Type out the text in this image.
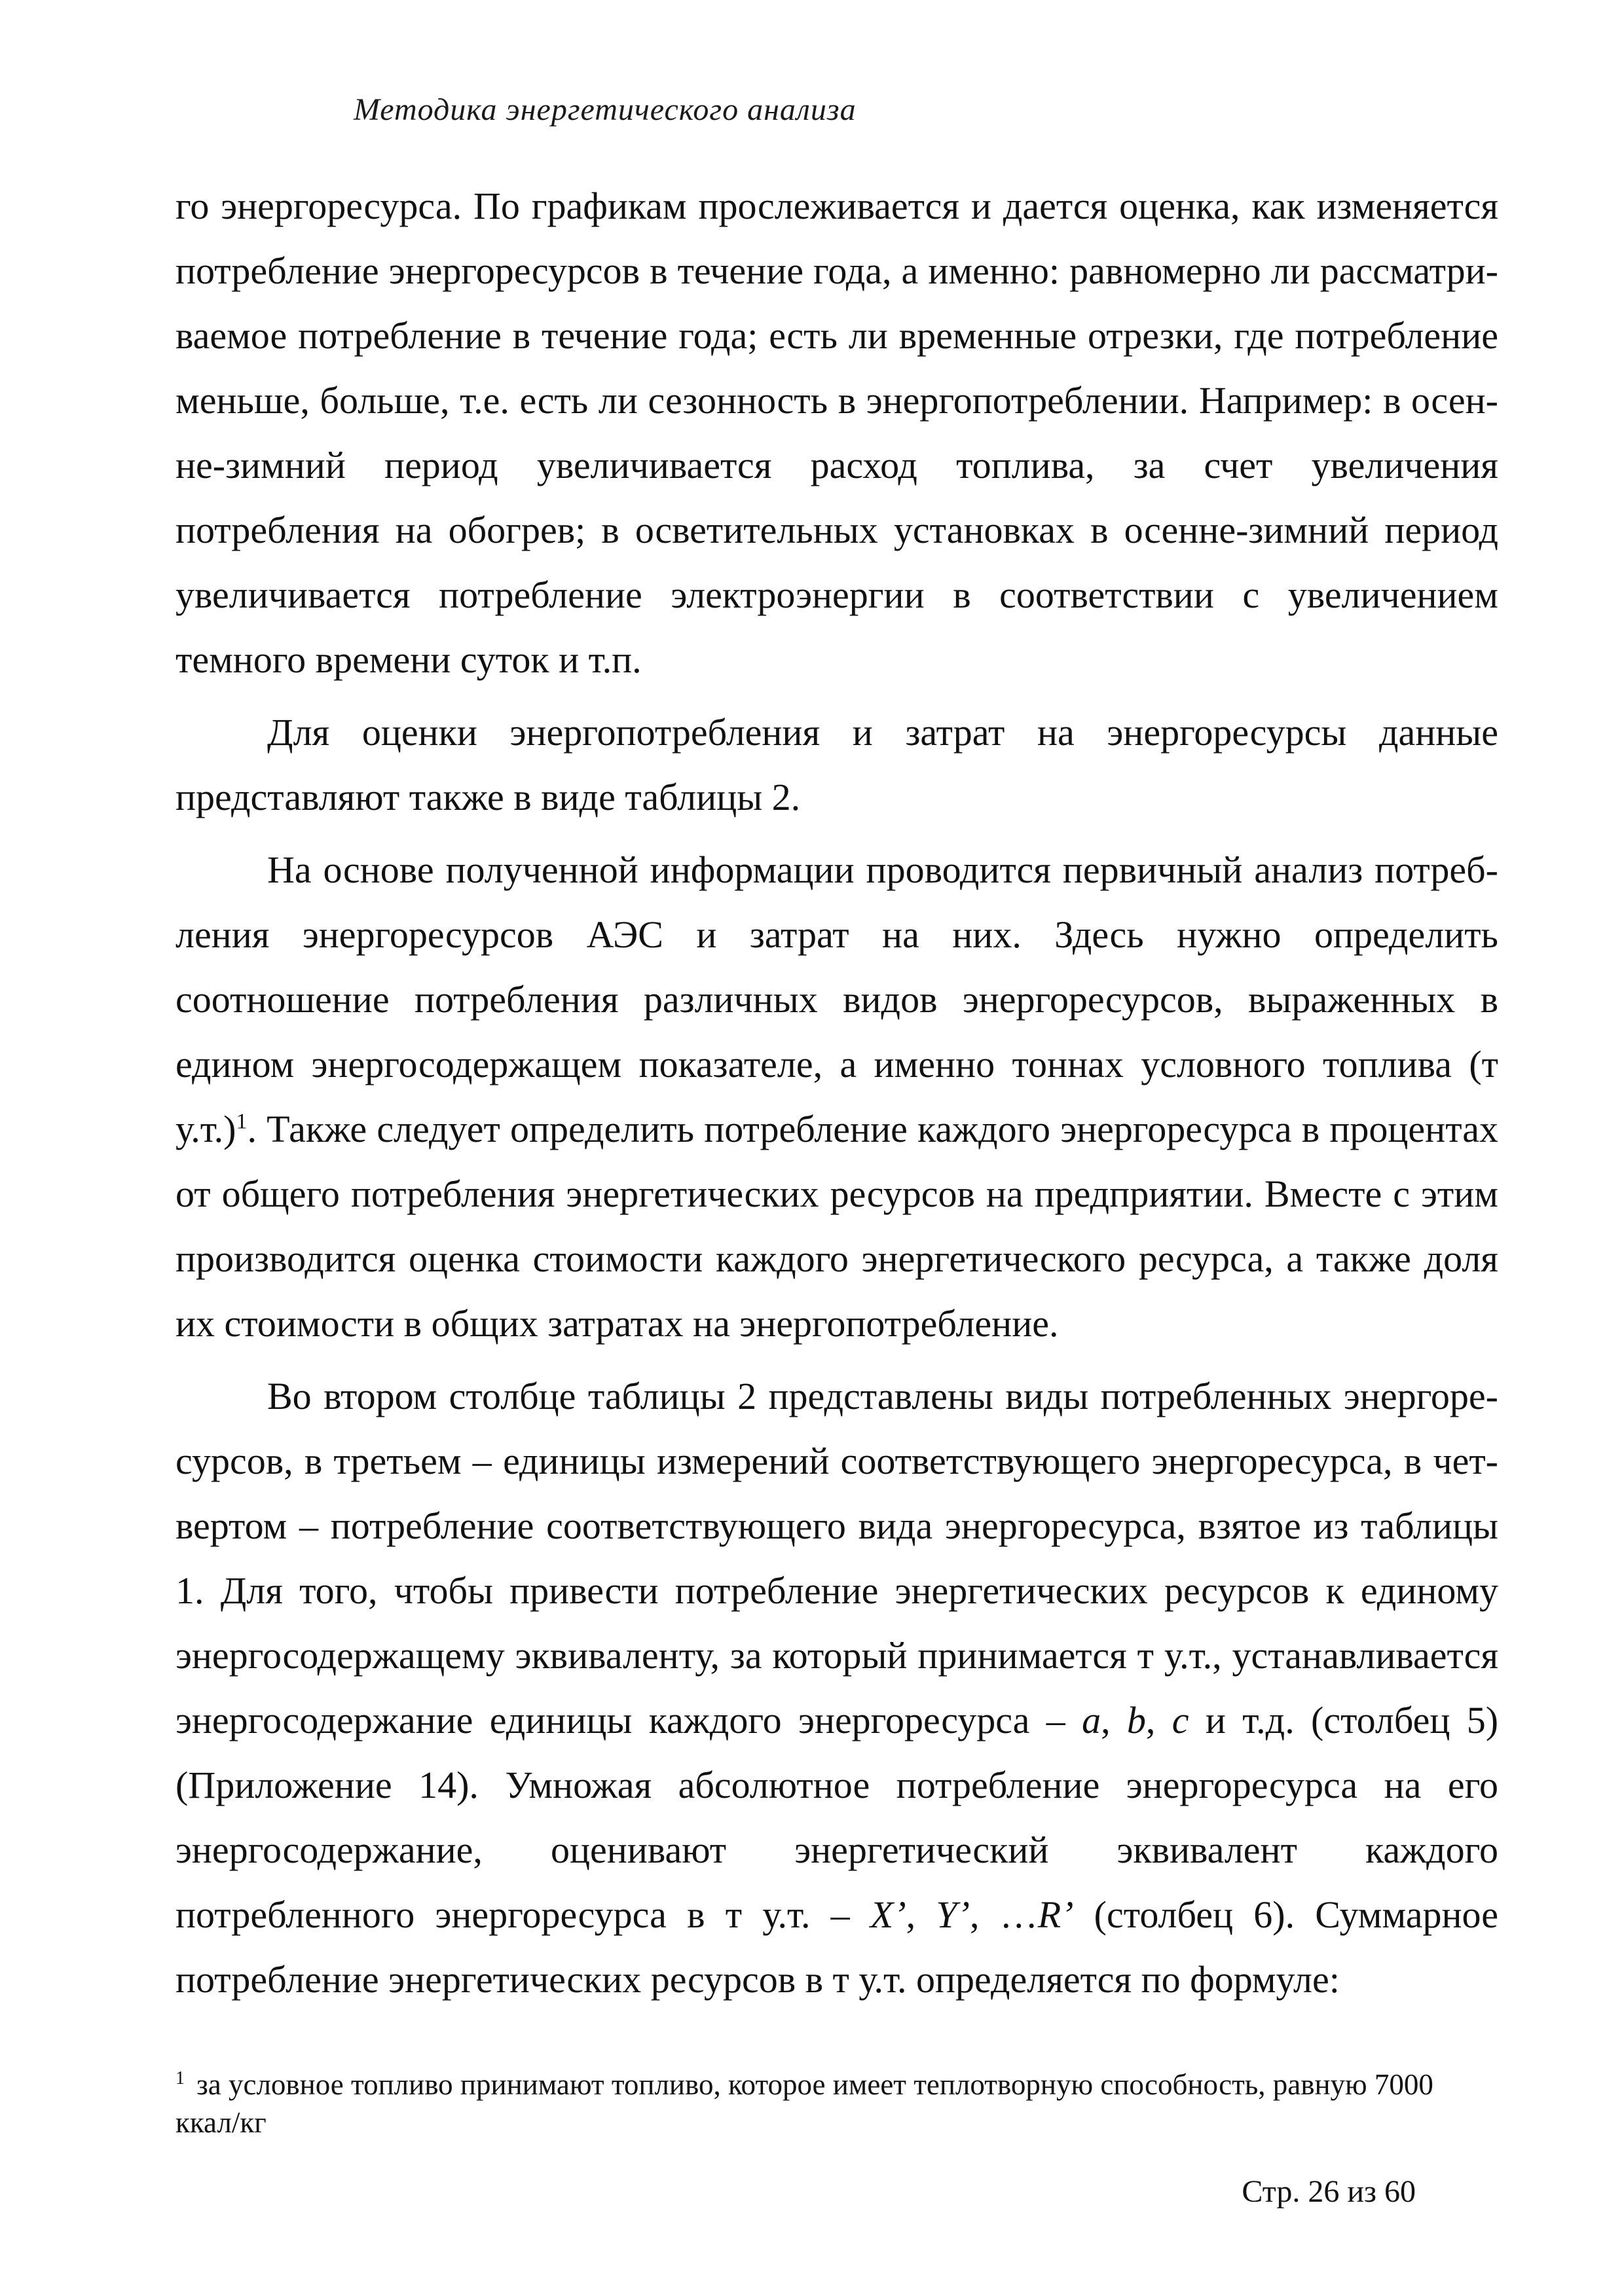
Методика энергетического анализа

го энергоресурса. По графикам прослеживается и дается оценка, как изменяется потребление энергоресурсов в течение года, а именно: равномерно ли рассматриваемое потребление в течение года; есть ли временные отрезки, где потребление меньше, больше, т.е. есть ли сезонность в энергопотреблении. Например: в осенне-зимний период увеличивается расход топлива, за счет увеличения потребления на обогрев; в осветительных установках в осенне-зимний период увеличивается потребление электроэнергии в соответствии с увеличением темного времени суток и т.п.

Для оценки энергопотребления и затрат на энергоресурсы данные представляют также в виде таблицы 2.

На основе полученной информации проводится первичный анализ потребления энергоресурсов АЭС и затрат на них. Здесь нужно определить соотношение потребления различных видов энергоресурсов, выраженных в едином энергосодержащем показателе, а именно тоннах условного топлива (т у.т.)$^1$. Также следует определить потребление каждого энергоресурса в процентах от общего потребления энергетических ресурсов на предприятии. Вместе с этим производится оценка стоимости каждого энергетического ресурса, а также доля их стоимости в общих затратах на энергопотребление.

Во втором столбце таблицы 2 представлены виды потребленных энергоресурсов, в третьем – единицы измерений соответствующего энергоресурса, в четвертом – потребление соответствующего вида энергоресурса, взятое из таблицы 1. Для того, чтобы привести потребление энергетических ресурсов к единому энергосодержащему эквиваленту, за который принимается т у.т., устанавливается энергосодержание единицы каждого энергоресурса – a, b, c и т.д. (столбец 5) (Приложение 14). Умножая абсолютное потребление энергоресурса на его энергосодержание, оценивают энергетический эквивалент каждого потребленного энергоресурса в т у.т. – X’, Y’, …R’ (столбец 6). Суммарное потребление энергетических ресурсов в т у.т. определяется по формуле:

$^1$ за условное топливо принимают топливо, которое имеет теплотворную способность, равную 7000 ккал/кг
Стр. 26 из 60
